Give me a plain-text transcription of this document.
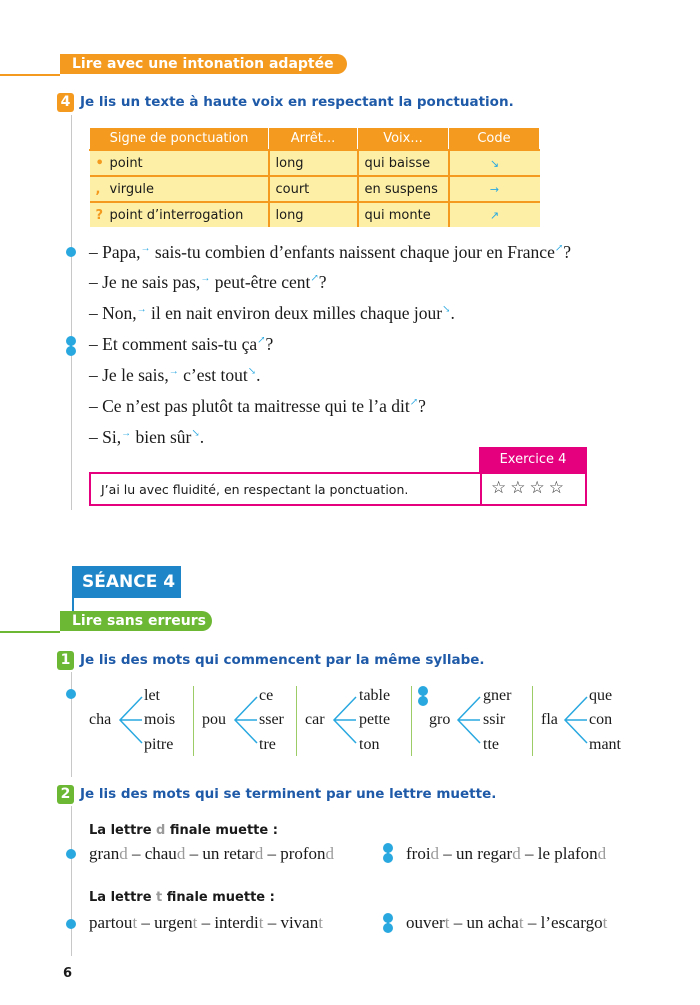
Lire avec une intonation adaptée
4 Je lis un texte à haute voix en respectant la ponctuation.
Signe de ponctuation	Arrêt...	Voix...	Code
• point	long	qui baisse	↘
, virgule	court	en suspens	→
? point d’interrogation	long	qui monte	↗
– Papa,→ sais-tu combien d’enfants naissent chaque jour en France↗?
– Je ne sais pas,→ peut-être cent↗?
– Non,→ il en nait environ deux milles chaque jour↘.
– Et comment sais-tu ça↗?
– Je le sais,→ c’est tout↘.
– Ce n’est pas plutôt ta maitresse qui te l’a dit↗?
– Si,→ bien sûr↘.
Exercice 4
J’ai lu avec fluidité, en respectant la ponctuation.	☆☆☆☆
SÉANCE 4
Lire sans erreurs
1 Je lis des mots qui commencent par la même syllabe.
cha
let
mois
pitre
pou
ce
sser
tre
car
table
pette
ton
gro
gner
ssir
tte
fla
que
con
mant
2 Je lis des mots qui se terminent par une lettre muette.
La lettre d finale muette :
grand – chaud – un retard – profond	froid – un regard – le plafond
La lettre t finale muette :
partout – urgent – interdit – vivant	ouvert – un achat – l’escargot
6
